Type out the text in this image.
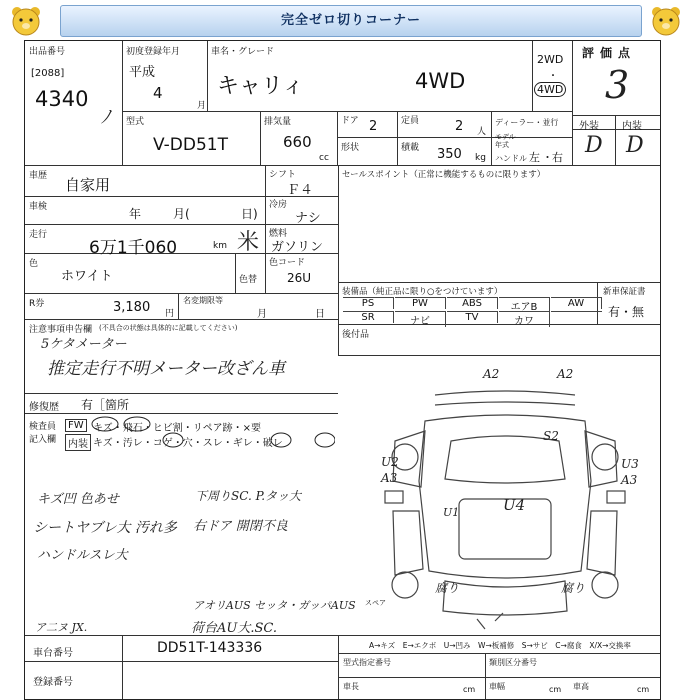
完全ゼロ切りコーナー
出品番号
[2088]
4340
ﾉ
初度登録年月
平成
4
月
車名・グレード
キャリィ	4WD
2WD
・
4WD
評価点
3
型式
V-DD51T
排気量
660
cc
ドア 2	定員	2 人
形状	積載 350 kg
ディーラー・並行
モデル
年式
ハンドル 左 ・ 右
外装 内装
D D
車歴 自家用
シフト
Ｆ４
車検	年	月(	日)
冷房
ナシ
走行
6万1千060	km 米 燃料
ガソリン
色
ホワイト	色替
色コード
26U
R券	3,180 円
名変期限等
月	日
セールスポイント（正常に機能するものに限ります）
装備品（純正品に限り○をつけています）	新車保証書
有・無
後付品
注意事項申告欄 (不具合の状態は具体的に記載してください)
5ケタメーター
推定走行不明メーター改ざん車
修復歴 有［箇所
検査員
記入欄
FW キズ・飛石・ヒビ割・リペア跡・×要
内装 キズ・汚レ・コゲ・穴・スレ・ギレ・破レ
キズ凹 色あせ
シートヤブレ大 汚れ多
ハンドルスレ大
下周りSC. P.タッ大
右ドア 開閉不良
アオリAUS セッタ・ガッパAUS
荷台AU大.SC.
ア二ヌ JX.
スペア
A2	A2
S2
U2
A3
U3
A3
U1	U4
腐り	腐り
A→キズ　E→エクボ　U→凹み　W→板補修　S→サビ　C→腐食　X/X→交換率
車台番号	DD51T-143336
登録番号
型式指定番号	類別区分番号
車長	cm 車幅	cm 車高	cm
PS	PW	ABS	エアB	AW
SR	ナビ	TV	カワ
